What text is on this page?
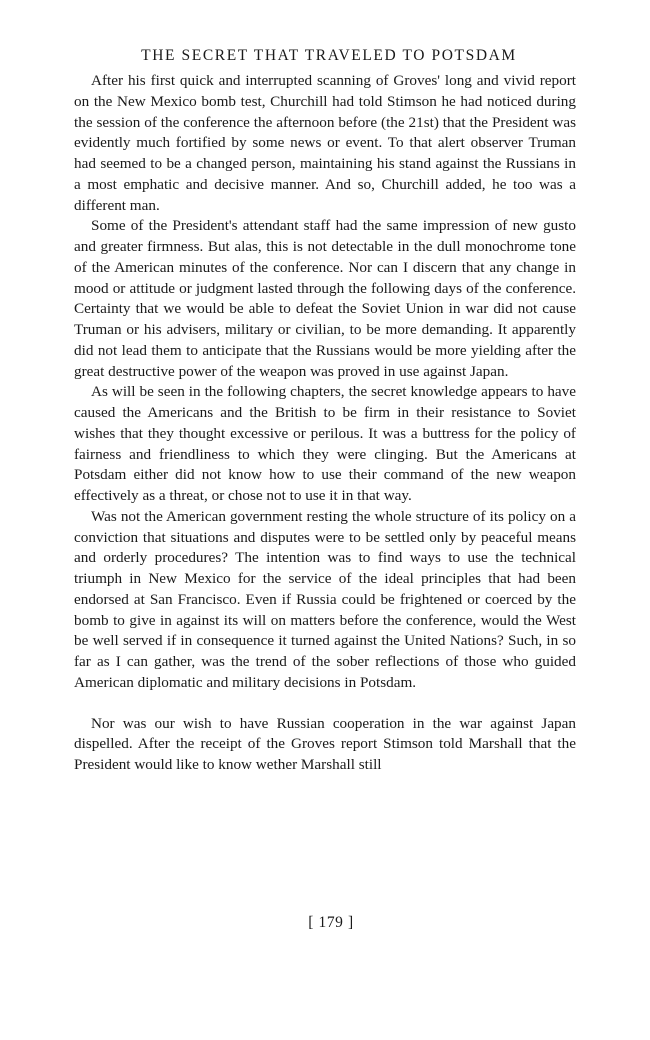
THE SECRET THAT TRAVELED TO POTSDAM

After his first quick and interrupted scanning of Groves' long and vivid report on the New Mexico bomb test, Churchill had told Stimson he had noticed during the session of the conference the afternoon before (the 21st) that the President was evidently much fortified by some news or event. To that alert observer Truman had seemed to be a changed person, maintaining his stand against the Russians in a most emphatic and decisive manner. And so, Churchill added, he too was a different man.

Some of the President's attendant staff had the same impression of new gusto and greater firmness. But alas, this is not detectable in the dull monochrome tone of the American minutes of the conference. Nor can I discern that any change in mood or attitude or judgment lasted through the following days of the conference. Certainty that we would be able to defeat the Soviet Union in war did not cause Truman or his advisers, military or civilian, to be more demanding. It apparently did not lead them to anticipate that the Russians would be more yielding after the great destructive power of the weapon was proved in use against Japan.

As will be seen in the following chapters, the secret knowledge appears to have caused the Americans and the British to be firm in their resistance to Soviet wishes that they thought excessive or perilous. It was a buttress for the policy of fairness and friendliness to which they were clinging. But the Americans at Potsdam either did not know how to use their command of the new weapon effectively as a threat, or chose not to use it in that way.

Was not the American government resting the whole structure of its policy on a conviction that situations and disputes were to be settled only by peaceful means and orderly procedures? The intention was to find ways to use the technical triumph in New Mexico for the service of the ideal principles that had been endorsed at San Francisco. Even if Russia could be frightened or coerced by the bomb to give in against its will on matters before the conference, would the West be well served if in consequence it turned against the United Nations? Such, in so far as I can gather, was the trend of the sober reflections of those who guided American diplomatic and military decisions in Potsdam.

Nor was our wish to have Russian cooperation in the war against Japan dispelled. After the receipt of the Groves report Stimson told Marshall that the President would like to know wether Marshall still

[ 179 ]
